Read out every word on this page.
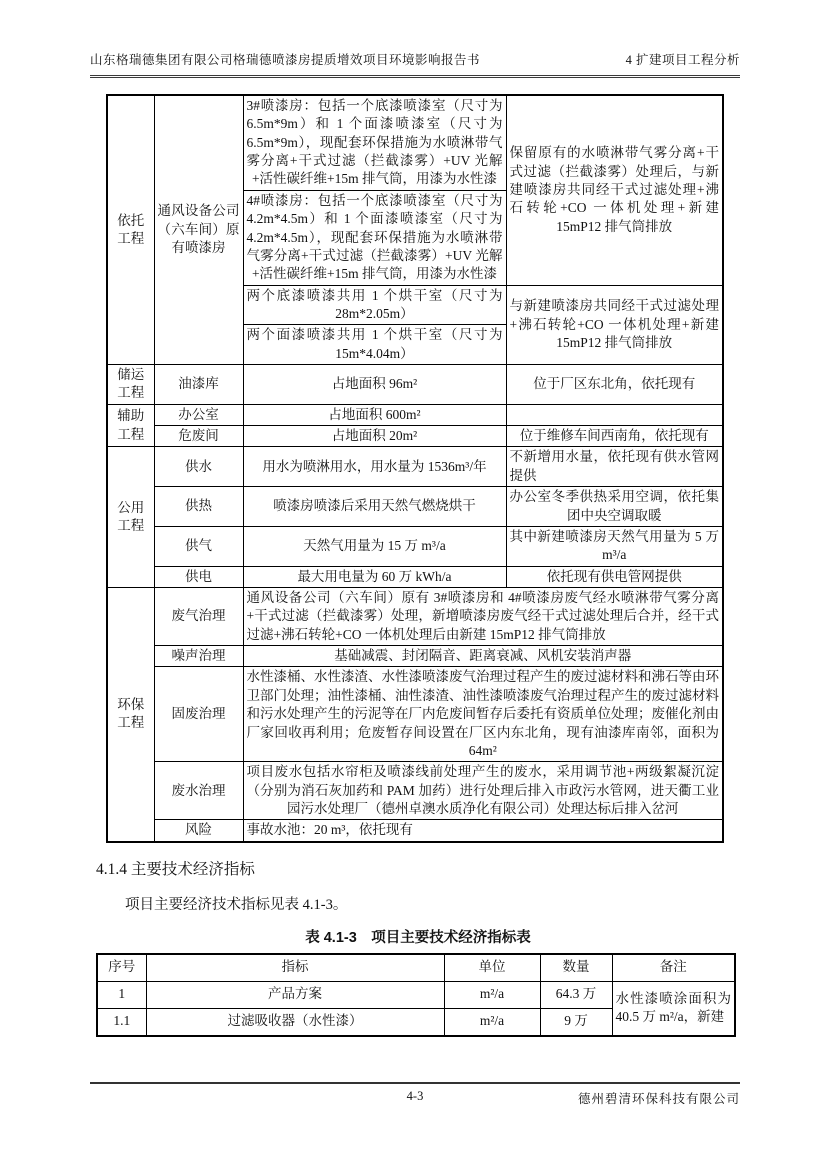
山东格瑞德集团有限公司格瑞德喷漆房提质增效项目环境影响报告书	4 扩建项目工程分析
依托工程	通风设备公司（六车间）原有喷漆房	3#喷漆房：包括一个底漆喷漆室（尺寸为 6.5m*9m）和 1 个面漆喷漆室（尺寸为 6.5m*9m），现配套环保措施为水喷淋带气雾分离+干式过滤（拦截漆雾）+UV 光解+活性碳纤维+15m 排气筒，用漆为水性漆	保留原有的水喷淋带气雾分离+干式过滤（拦截漆雾）处理后，与新建喷漆房共同经干式过滤处理+沸石转轮+CO 一体机处理+新建 15mP12 排气筒排放
		4#喷漆房：包括一个底漆喷漆室（尺寸为 4.2m*4.5m）和 1 个面漆喷漆室（尺寸为 4.2m*4.5m），现配套环保措施为水喷淋带气雾分离+干式过滤（拦截漆雾）+UV 光解+活性碳纤维+15m 排气筒，用漆为水性漆	
		两个底漆喷漆共用 1 个烘干室（尺寸为 28m*2.05m）	与新建喷漆房共同经干式过滤处理+沸石转轮+CO 一体机处理+新建 15mP12 排气筒排放
		两个面漆喷漆共用 1 个烘干室（尺寸为 15m*4.04m）	
储运工程	油漆库	占地面积 96m²	位于厂区东北角，依托现有
辅助工程	办公室	占地面积 600m²	
	危废间	占地面积 20m²	位于维修车间西南角，依托现有
公用工程	供水	用水为喷淋用水，用水量为 1536m³/年	不新增用水量，依托现有供水管网提供
	供热	喷漆房喷漆后采用天然气燃烧烘干	办公室冬季供热采用空调，依托集团中央空调取暖
	供气	天然气用量为 15 万 m³/a	其中新建喷漆房天然气用量为 5 万 m³/a
	供电	最大用电量为 60 万 kWh/a	依托现有供电管网提供
环保工程	废气治理	通风设备公司（六车间）原有 3#喷漆房和 4#喷漆房废气经水喷淋带气雾分离+干式过滤（拦截漆雾）处理，新增喷漆房废气经干式过滤处理后合并，经干式过滤+沸石转轮+CO 一体机处理后由新建 15mP12 排气筒排放	
	噪声治理	基础减震、封闭隔音、距离衰减、风机安装消声器	
	固废治理	水性漆桶、水性漆渣、水性漆喷漆废气治理过程产生的废过滤材料和沸石等由环卫部门处理；油性漆桶、油性漆渣、油性漆喷漆废气治理过程产生的废过滤材料和污水处理产生的污泥等在厂内危废间暂存后委托有资质单位处理；废催化剂由厂家回收再利用；危废暂存间设置在厂区内东北角，现有油漆库南邻，面积为 64m²	
	废水治理	项目废水包括水帘柜及喷漆线前处理产生的废水，采用调节池+两级絮凝沉淀（分别为消石灰加药和 PAM 加药）进行处理后排入市政污水管网，进天衢工业园污水处理厂（德州卓澳水质净化有限公司）处理达标后排入岔河	
	风险	事故水池：20 m³，依托现有	
4.1.4 主要技术经济指标

项目主要经济技术指标见表 4.1-3。

表 4.1-3　项目主要技术经济指标表

序号	指标	单位	数量	备注
1	产品方案	m²/a	64.3 万	水性漆喷涂面积为 40.5 万 m²/a，新建
1.1	过滤吸收器（水性漆）	m²/a	9 万	
4-3	德州碧清环保科技有限公司
